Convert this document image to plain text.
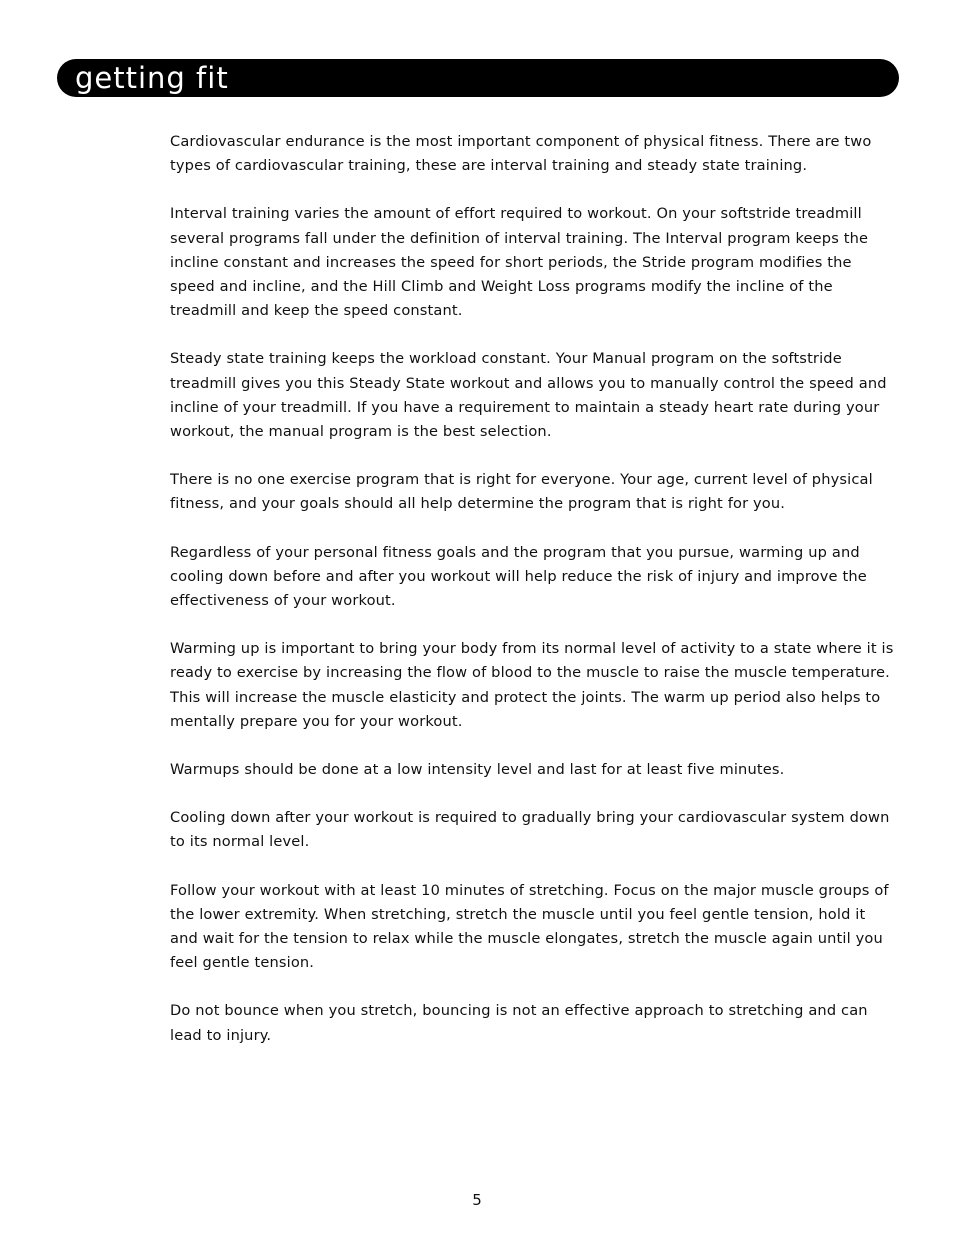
getting fit

Cardiovascular endurance is the most important component of physical fitness. There are two types of cardiovascular training, these are interval training and steady state training.

Interval training varies the amount of effort required to workout. On your softstride treadmill several programs fall under the definition of interval training. The Interval program keeps the incline constant and increases the speed for short periods, the Stride program modifies the speed and incline, and the Hill Climb and Weight Loss programs modify the incline of the treadmill and keep the speed constant.

Steady state training keeps the workload constant. Your Manual program on the softstride treadmill gives you this Steady State workout and allows you to manually control the speed and incline of your treadmill. If you have a requirement to maintain a steady heart rate during your workout, the manual program is the best selection.

There is no one exercise program that is right for everyone. Your age, current level of physical fitness, and your goals should all help determine the program that is right for you.

Regardless of your personal fitness goals and the program that you pursue, warming up and cooling down before and after you workout will help reduce the risk of injury and improve the effectiveness of your workout.

Warming up is important to bring your body from its normal level of activity to a state where it is ready to exercise by increasing the flow of blood to the muscle to raise the muscle temperature. This will increase the muscle elasticity and protect the joints. The warm up period also helps to mentally prepare you for your workout.

Warmups should be done at a low intensity level and last for at least five minutes.

Cooling down after your workout is required to gradually bring your cardiovascular system down to its normal level.

Follow your workout with at least 10 minutes of stretching. Focus on the major muscle groups of the lower extremity. When stretching, stretch the muscle until you feel gentle tension, hold it and wait for the tension to relax while the muscle elongates, stretch the muscle again until you feel gentle tension.

Do not bounce when you stretch, bouncing is not an effective approach to stretching and can lead to injury.

5
